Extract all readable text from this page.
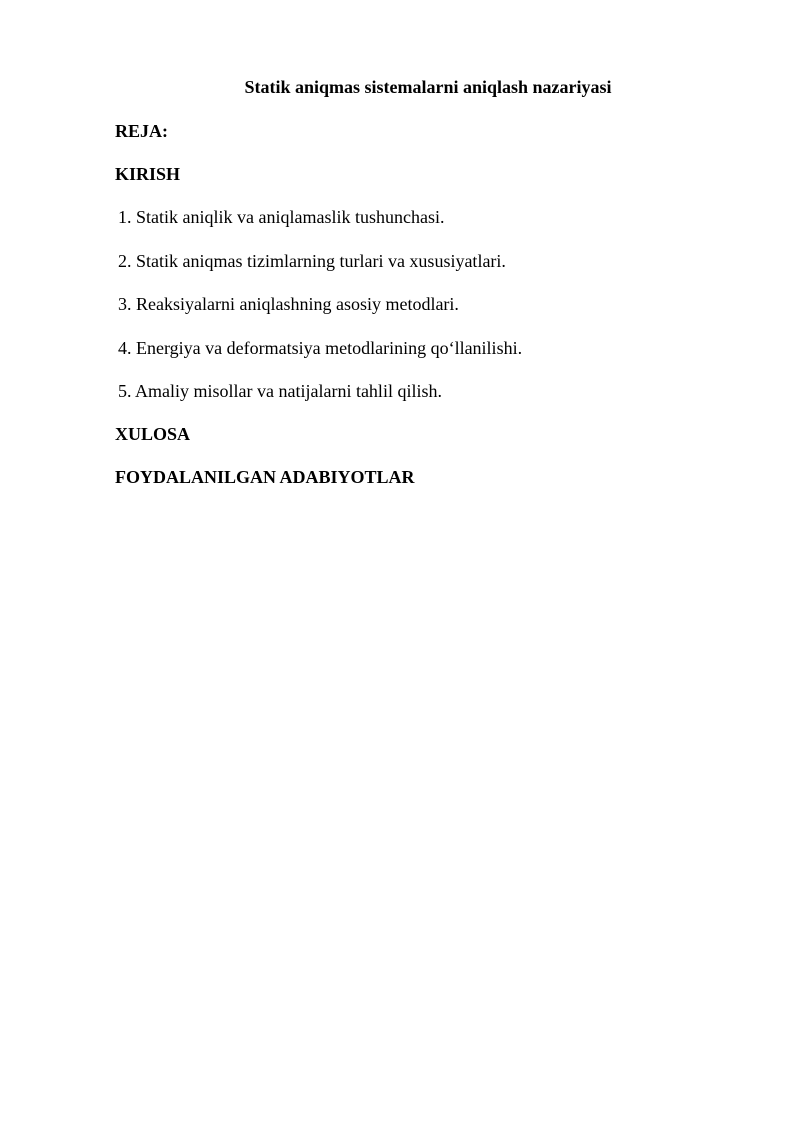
Statik aniqmas sistemalarni aniqlash nazariyasi

REJA:

KIRISH

1. Statik aniqlik va aniqlamaslik tushunchasi.

2. Statik aniqmas tizimlarning turlari va xususiyatlari.

3. Reaksiyalarni aniqlashning asosiy metodlari.

4. Energiya va deformatsiya metodlarining qo‘llanilishi.

5. Amaliy misollar va natijalarni tahlil qilish.

XULOSA

FOYDALANILGAN ADABIYOTLAR
